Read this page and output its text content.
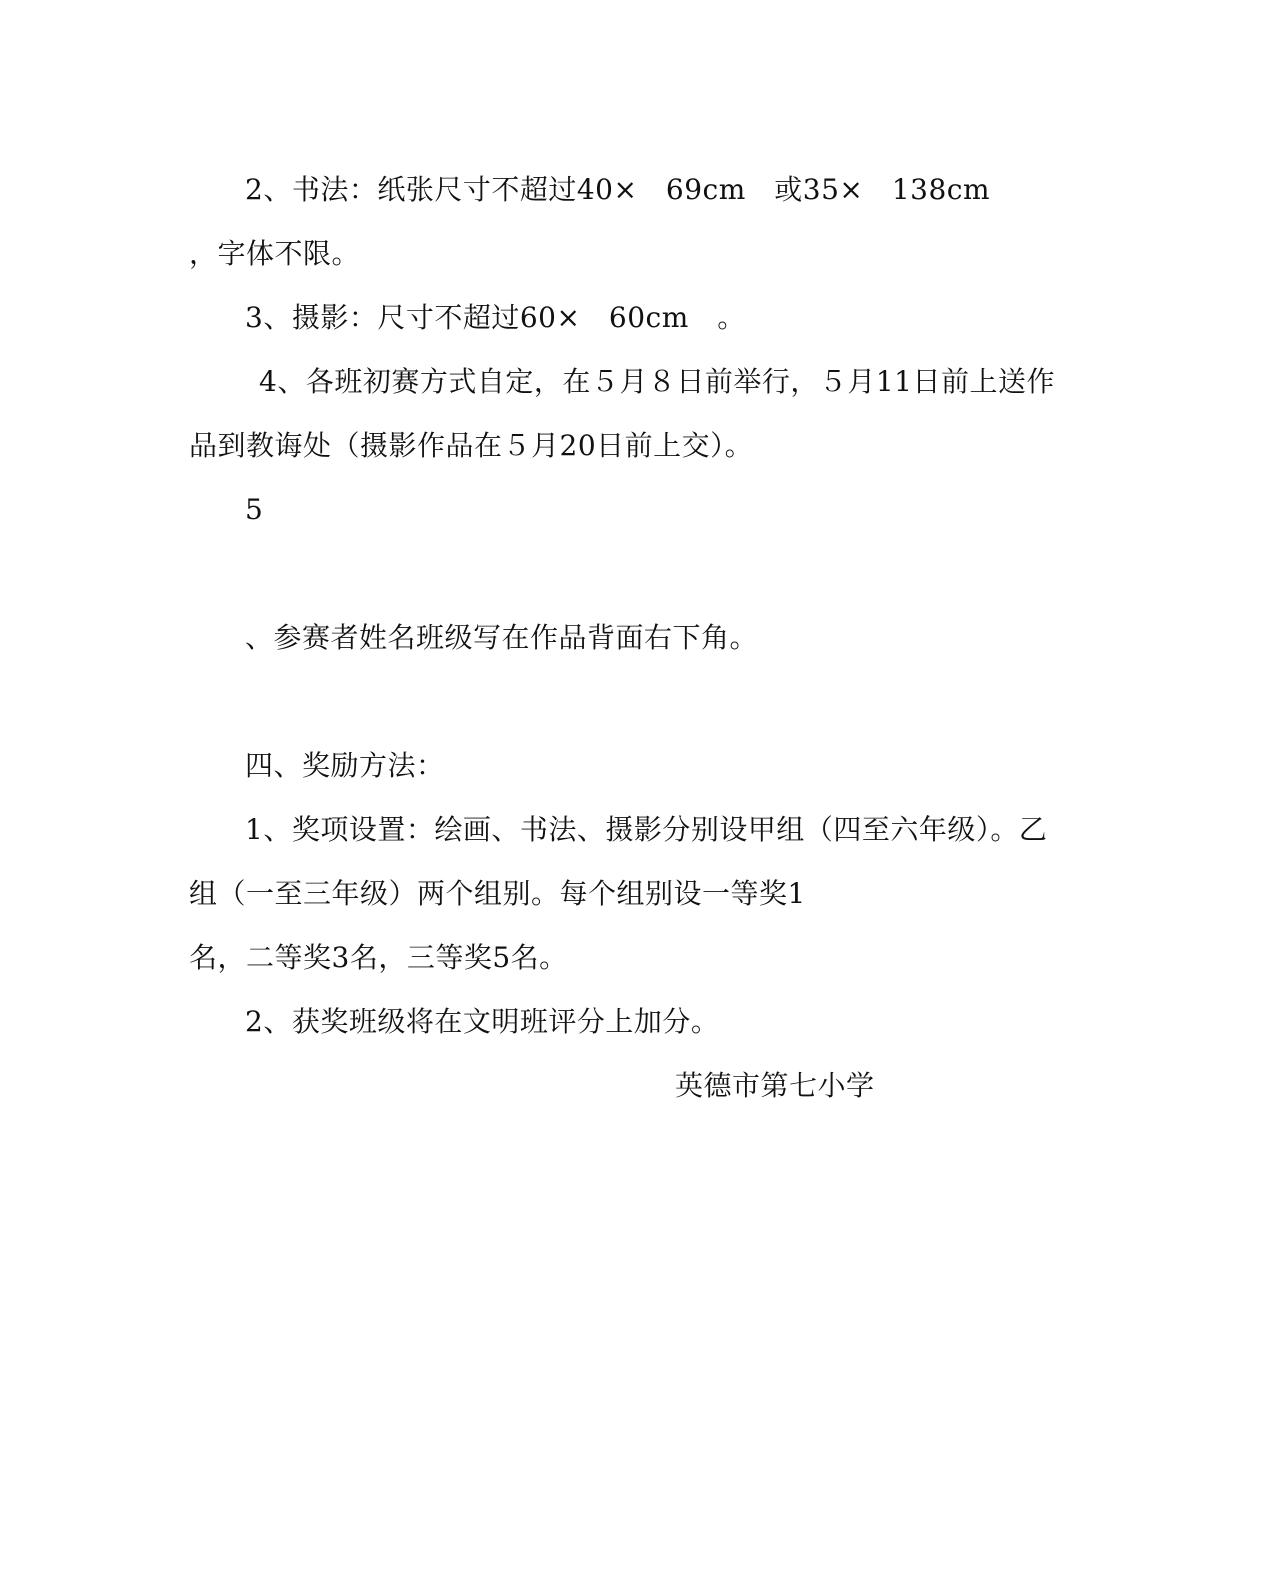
2、书法：纸张尺寸不超过40×　69cm　或35×　138cm
，字体不限。
3、摄影：尺寸不超过60×　60cm　。
4、各班初赛方式自定，在５月８日前举行，５月11日前上送作
品到教诲处（摄影作品在５月20日前上交）。
5
、参赛者姓名班级写在作品背面右下角。
四、奖励方法：
1、奖项设置：绘画、书法、摄影分别设甲组（四至六年级）。乙
组（一至三年级）两个组别。每个组别设一等奖1
名，二等奖3名，三等奖5名。
2、获奖班级将在文明班评分上加分。
英德市第七小学
